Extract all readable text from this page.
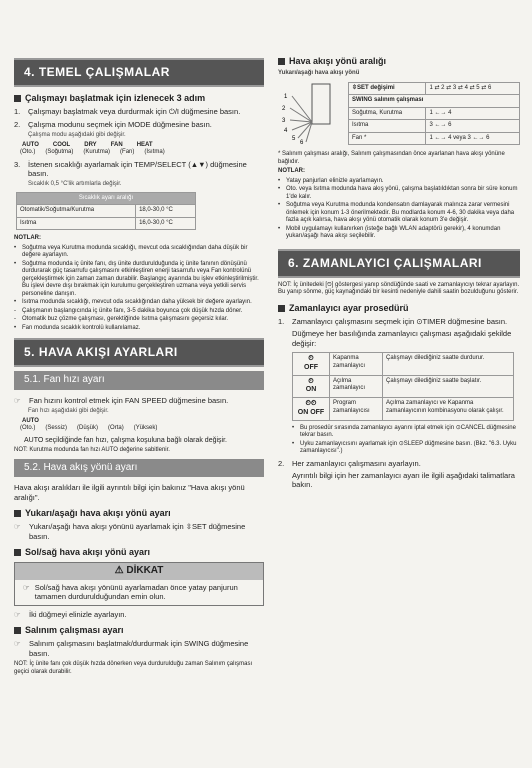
4. TEMEL ÇALIŞMALAR
Çalışmayı başlatmak için izlenecek 3 adım
1. Çalışmayı başlatmak veya durdurmak için ⏻/I düğmesine basın.
2. Çalışma modunu seçmek için MODE düğmesine basın.
Çalışma modu aşağıdaki gibi değişir.
AUTO COOL DRY FAN HEAT
(Oto.) (Soğutma) (Kurutma) (Fan) (Isıtma)
3. İstenen sıcaklığı ayarlamak için TEMP/SELECT (▲▼) düğmesine basın.
Sıcaklık 0,5 °C'lik artımlarla değişir.
Sıcaklık ayarı aralığı	
Otomatik/Soğutma/Kurutma	18,0-30,0 °C
Isıtma	16,0-30,0 °C
NOTLAR:
• Soğutma veya Kurutma modunda sıcaklığı, mevcut oda sıcaklığından daha düşük bir değere ayarlayın.
• Soğutma modunda iç ünite fanı, dış ünite durdurulduğunda iç ünite fanının dönüşünü durdurarak güç tasarrufu çalışmasını etkinleştiren enerji tasarrufu veya Fan kontrolünü gerçekleştirmek için zaman zaman durabilir. Başlangıç ayarında bu işlev etkinleştirilmiştir. Bu işlevi devre dışı bırakmak için kurulumu gerçekleştiren uzmana veya yetkili servis personeline danışın.
• Isıtma modunda sıcaklığı, mevcut oda sıcaklığından daha yüksek bir değere ayarlayın.
-	Çalışmanın başlangıcında iç ünite fanı, 3-5 dakika boyunca çok düşük hızda döner.
-	Otomatik buz çözme çalışması, gerektiğinde Isıtma çalışmasını geçersiz kılar.
• Fan modunda sıcaklık kontrolü kullanılamaz.
5. HAVA AKIŞI AYARLARI
5.1. Fan hızı ayarı
☞	Fan hızını kontrol etmek için FAN SPEED düğmesine basın.
Fan hızı aşağıdaki gibi değişir.
AUTO
(Oto.) (Sessiz) (Düşük) (Orta) (Yüksek)
AUTO seçildiğinde fan hızı, çalışma koşuluna bağlı olarak değişir.
NOT: Kurutma modunda fan hızı AUTO değerine sabitlenir.
5.2. Hava akış yönü ayarı
Hava akışı aralıkları ile ilgili ayrıntılı bilgi için bakınız "Hava akışı yönü aralığı".
Yukarı/aşağı hava akışı yönü ayarı
☞	Yukarı/aşağı hava akışı yönünü ayarlamak için ⇳SET düğmesine basın.
Sol/sağ hava akışı yönü ayarı
⚠ DİKKAT
☞ Sol/sağ hava akışı yönünü ayarlamadan önce yatay panjurun tamamen durdurulduğundan emin olun.
☞	İki düğmeyi elinizle ayarlayın.
Salınım çalışması ayarı
☞	Salınım çalışmasını başlatmak/durdurmak için SWING düğmesine basın.
NOT: İç ünite fanı çok düşük hızda dönerken veya durdurulduğu zaman Salınım çalışması geçici olarak durabilir.
Hava akışı yönü aralığı
Yukarı/aşağı hava akışı yönü
1
2
3
4
5
6
⇳SET değişimi	1 ⇄ 2 ⇄ 3 ⇄ 4 ⇄ 5 ⇄ 6
SWING salınım çalışması	
Soğutma, Kurutma	1 ←→ 4
Isıtma	3 ←→ 6
Fan *	1 ←→ 4 veya 3 ←→ 6
* Salınım çalışması aralığı, Salınım çalışmasından önce ayarlanan hava akışı yönüne bağlıdır.
NOTLAR:
• Yatay panjurları elinizle ayarlamayın.
• Oto. veya Isıtma modunda hava akış yönü, çalışma başlatıldıktan sonra bir süre konum 1'de kalır.
• Soğutma veya Kurutma modunda kondensatın damlayarak malınıza zarar vermesini önlemek için konum 1-3 önerilmektedir. Bu modlarda konum 4-6, 30 dakika veya daha fazla açık kalırsa, hava akışı yönü otomatik olarak konum 3'e değişir.
• Mobil uygulamayı kullanırken (isteğe bağlı WLAN adaptörü gerekir), 4 konumdan yukarı/aşağı hava akışı seçilebilir.
6. ZAMANLAYICI ÇALIŞMALARI
NOT: İç ünitedeki [⏲] göstergesi yanıp söndüğünde saati ve zamanlayıcıyı tekrar ayarlayın. Bu yanıp sönme, güç kaynağındaki bir kesinti nedeniyle dahili saatin bozulduğunu gösterir.
Zamanlayıcı ayar prosedürü
1. Zamanlayıcı çalışmasını seçmek için ⊙TIMER düğmesine basın.
Düğmeye her basılığında zamanlayıcı çalışması aşağıdaki şekilde değişir:
⏲
OFF	Kapanma zamanlayıcı	Çalışmayı dilediğiniz saatte durdurur.
⏲
ON	Açılma zamanlayıcı	Çalışmayı dilediğiniz saatte başlatır.
⏲⏲
ON OFF	Program zamanlayıcısı	Açılma zamanlayıcı ve Kapanma zamanlayıcının kombinasyonu olarak çalışır.
• Bu prosedür sırasında zamanlayıcı ayarını iptal etmek için ⊙CANCEL düğmesine tekrar basın.
• Uyku zamanlayıcısını ayarlamak için ⊙SLEEP düğmesine basın. (Bkz. "6.3. Uyku zamanlayıcısı".)
2. Her zamanlayıcı çalışmasını ayarlayın.
Ayrıntılı bilgi için her zamanlayıcı ayarı ile ilgili aşağıdaki talimatlara bakın.
